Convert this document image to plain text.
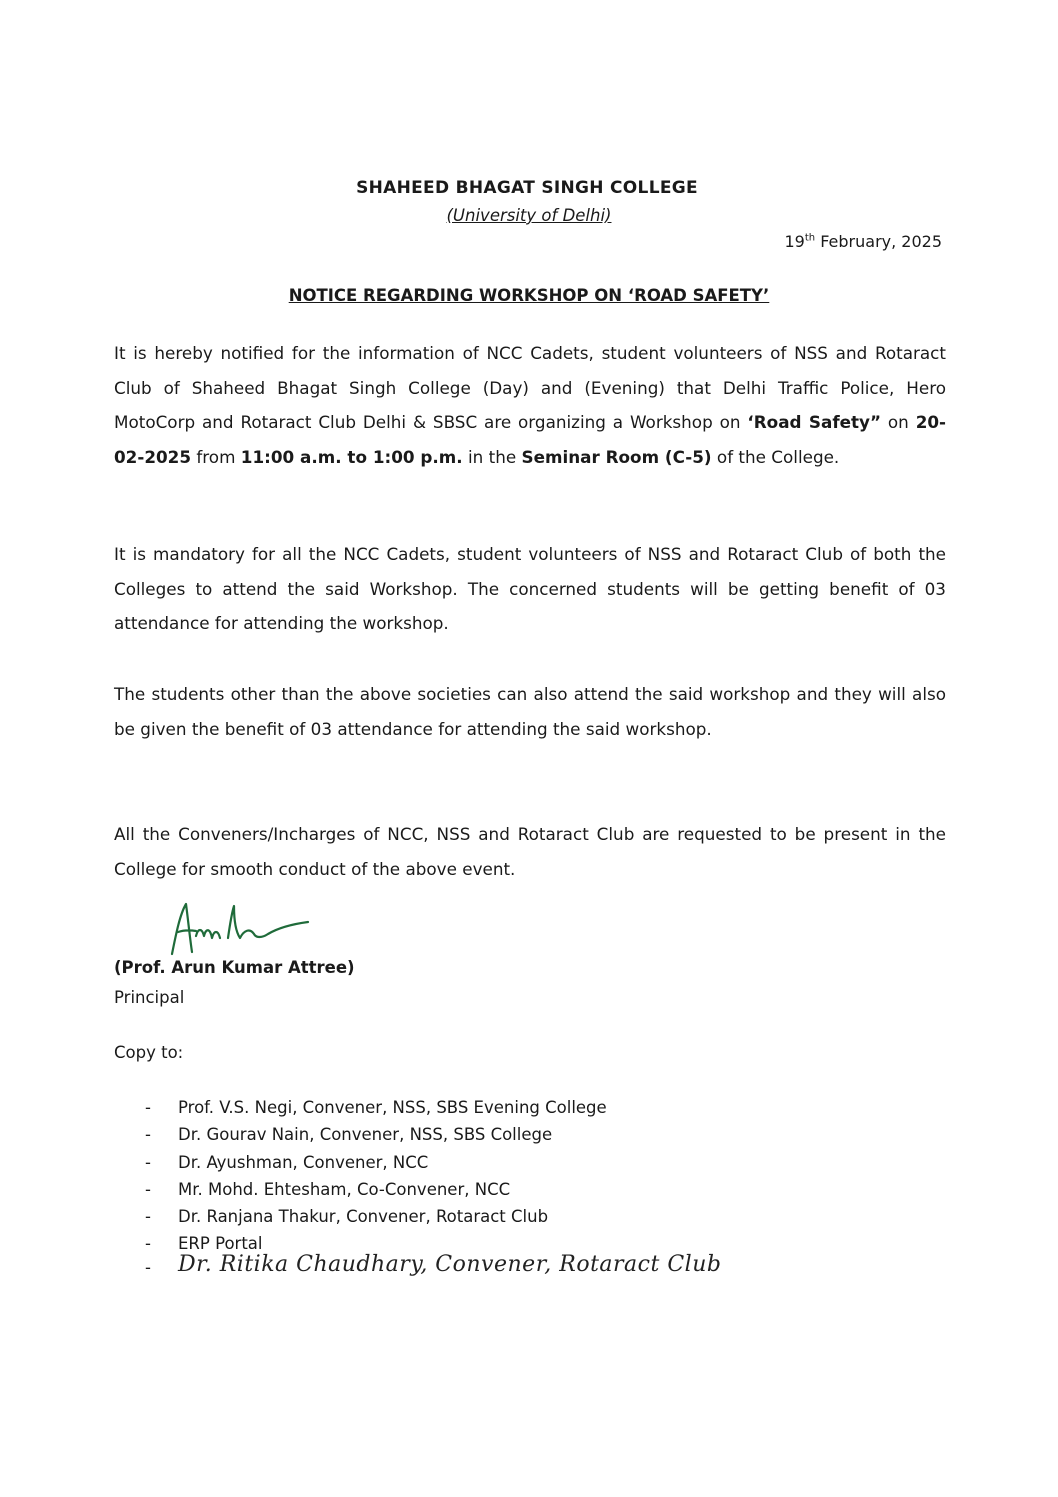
SHAHEED BHAGAT SINGH COLLEGE
(University of Delhi)
19th February, 2025
NOTICE REGARDING WORKSHOP ON ‘ROAD SAFETY’
It is hereby notified for the information of NCC Cadets, student volunteers of NSS and Rotaract Club of Shaheed Bhagat Singh College (Day) and (Evening) that Delhi Traffic Police, Hero MotoCorp and Rotaract Club Delhi & SBSC are organizing a Workshop on ‘Road Safety” on 20-02-2025 from 11:00 a.m. to 1:00 p.m. in the Seminar Room (C-5) of the College.
It is mandatory for all the NCC Cadets, student volunteers of NSS and Rotaract Club of both the Colleges to attend the said Workshop. The concerned students will be getting benefit of 03 attendance for attending the workshop.
The students other than the above societies can also attend the said workshop and they will also be given the benefit of 03 attendance for attending the said workshop.
All the Conveners/Incharges of NCC, NSS and Rotaract Club are requested to be present in the College for smooth conduct of the above event.
(Prof. Arun Kumar Attree)
Principal
Copy to:
- Prof. V.S. Negi, Convener, NSS, SBS Evening College
- Dr. Gourav Nain, Convener, NSS, SBS College
- Dr. Ayushman, Convener, NCC
- Mr. Mohd. Ehtesham, Co-Convener, NCC
- Dr. Ranjana Thakur, Convener, Rotaract Club
- ERP Portal
- Dr. Ritika Chaudhary, Convener, Rotaract Club
